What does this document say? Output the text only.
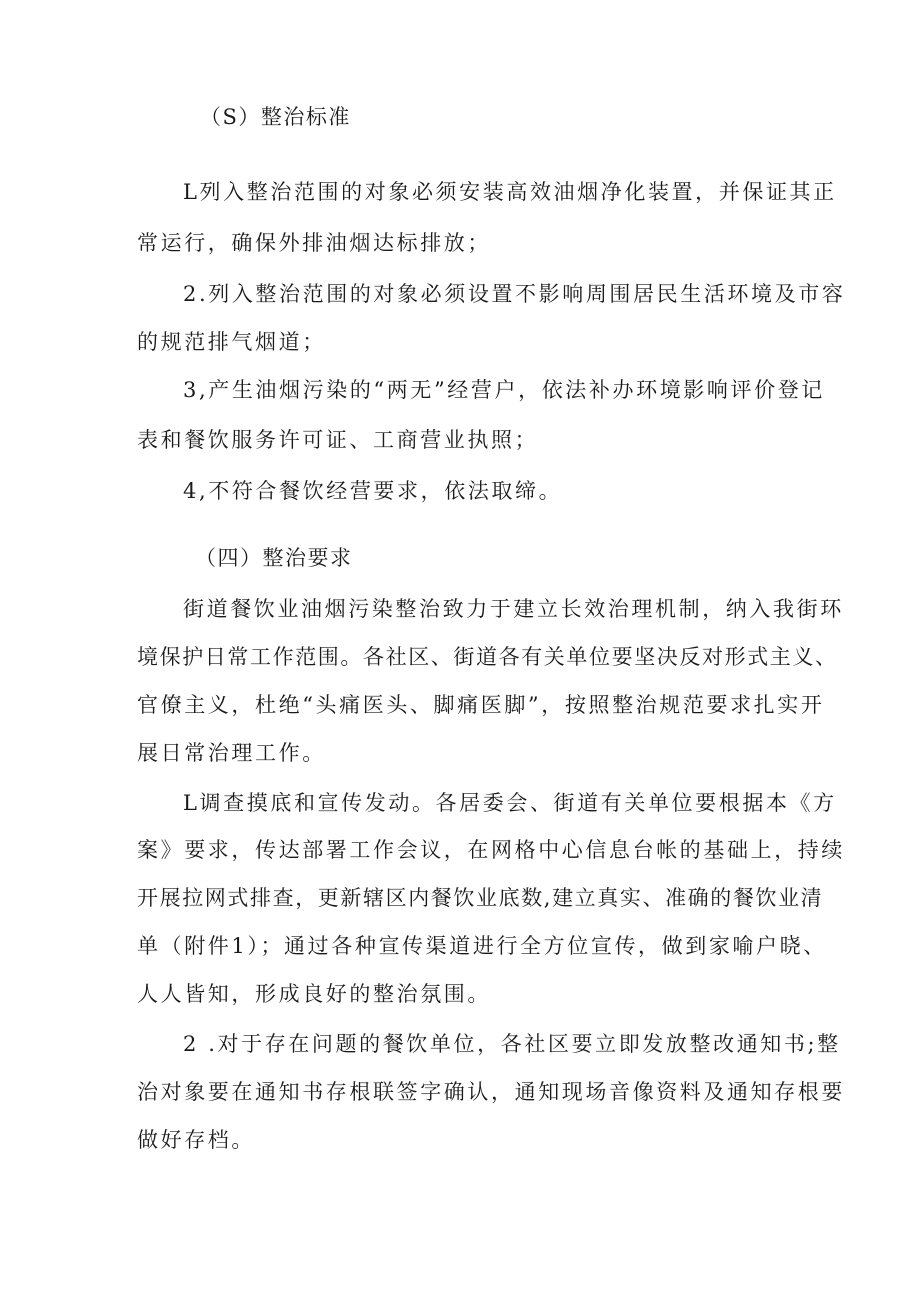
（S）整治标准
L列入整治范围的对象必须安装高效油烟净化装置，并保证其正
常运行，确保外排油烟达标排放；
2.列入整治范围的对象必须设置不影响周围居民生活环境及市容
的规范排气烟道；
3,产生油烟污染的“两无”经营户，依法补办环境影响评价登记
表和餐饮服务许可证、工商营业执照；
4,不符合餐饮经营要求，依法取缔。
（四）整治要求
街道餐饮业油烟污染整治致力于建立长效治理机制，纳入我街环
境保护日常工作范围。各社区、街道各有关单位要坚决反对形式主义、
官僚主义，杜绝“头痛医头、脚痛医脚”，按照整治规范要求扎实开
展日常治理工作。
L调查摸底和宣传发动。各居委会、街道有关单位要根据本《方
案》要求，传达部署工作会议，在网格中心信息台帐的基础上，持续
开展拉网式排查，更新辖区内餐饮业底数,建立真实、准确的餐饮业清
单（附件1）；通过各种宣传渠道进行全方位宣传，做到家喻户晓、
人人皆知，形成良好的整治氛围。
2 .对于存在问题的餐饮单位，各社区要立即发放整改通知书;整
治对象要在通知书存根联签字确认，通知现场音像资料及通知存根要
做好存档。
